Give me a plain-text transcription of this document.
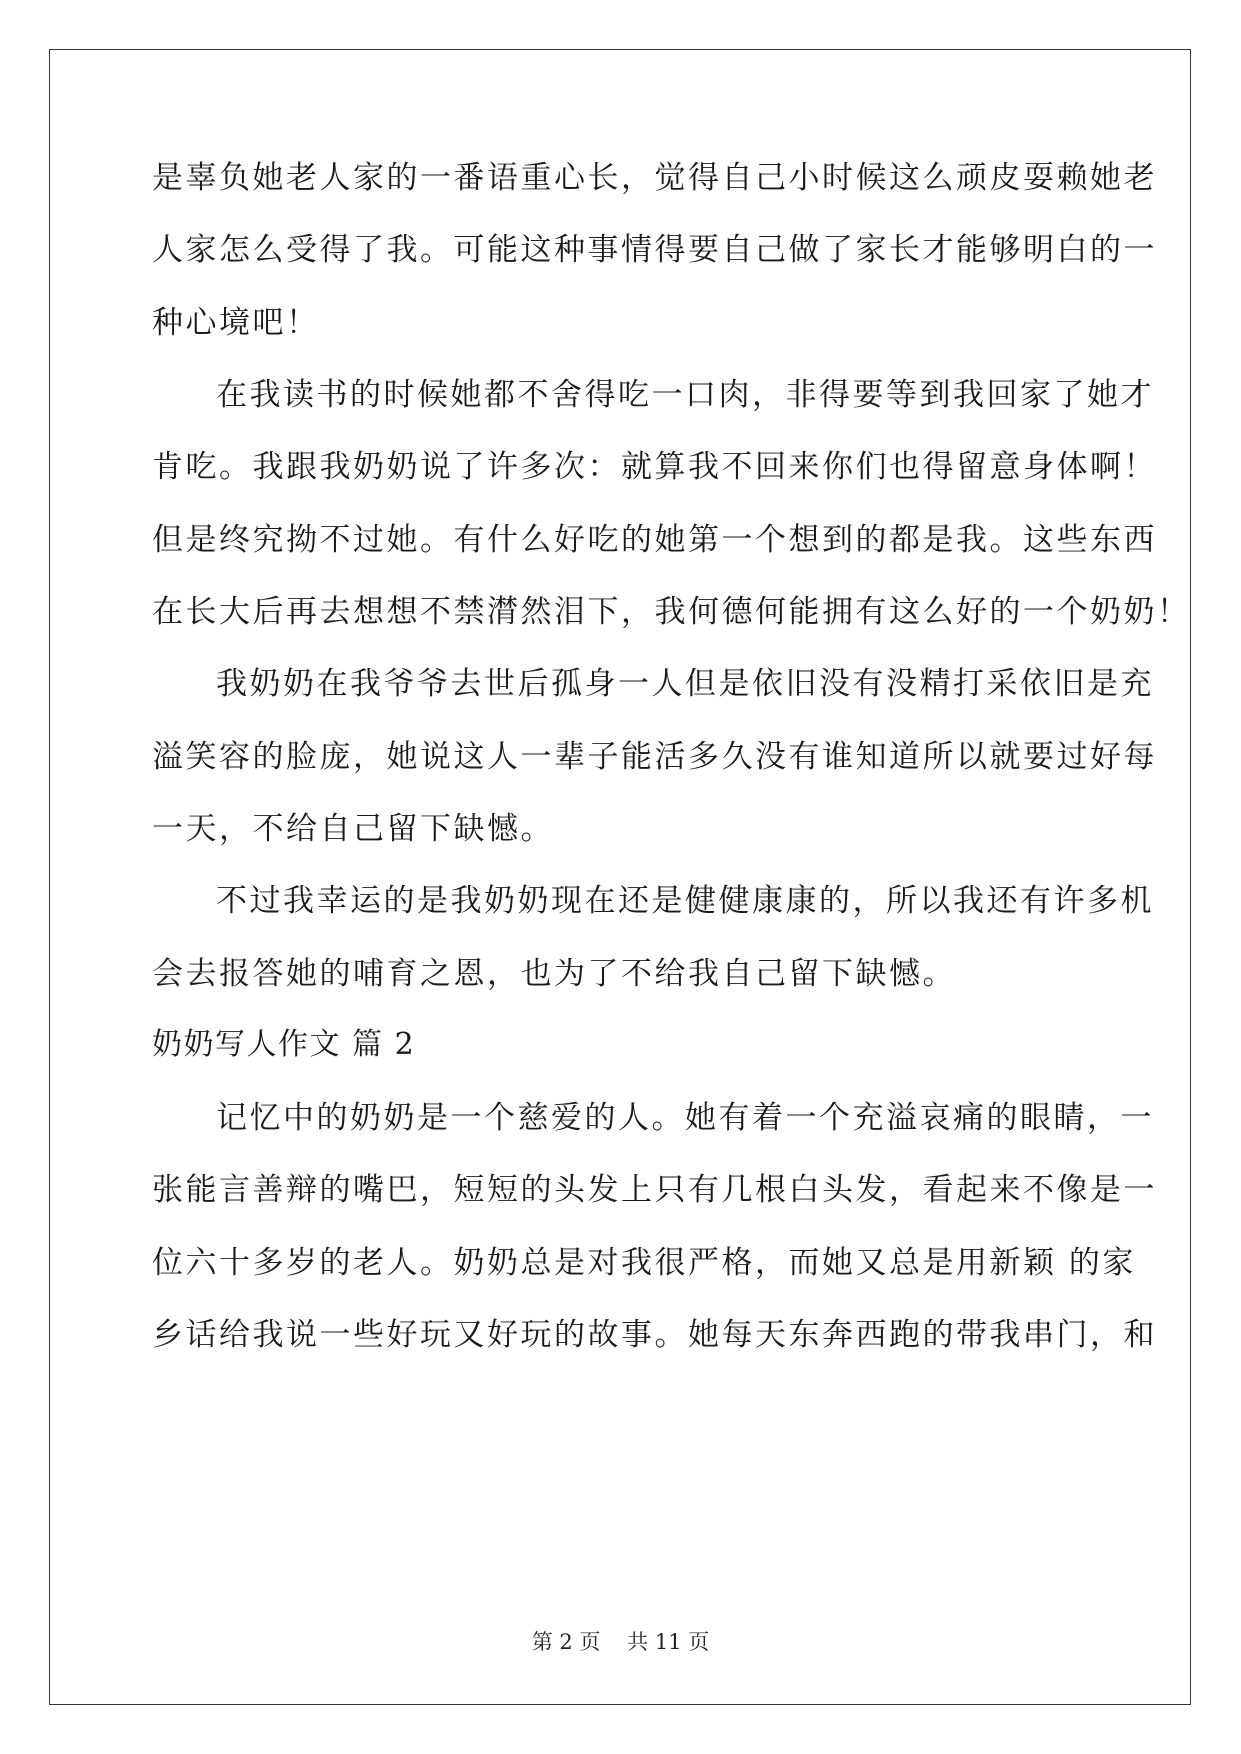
是辜负她老人家的一番语重心长，觉得自己小时候这么顽皮耍赖她老
人家怎么受得了我。可能这种事情得要自己做了家长才能够明白的一
种心境吧！
在我读书的时候她都不舍得吃一口肉，非得要等到我回家了她才
肯吃。我跟我奶奶说了许多次：就算我不回来你们也得留意身体啊！
但是终究拗不过她。有什么好吃的她第一个想到的都是我。这些东西
在长大后再去想想不禁潸然泪下，我何德何能拥有这么好的一个奶奶！
我奶奶在我爷爷去世后孤身一人但是依旧没有没精打采依旧是充
溢笑容的脸庞，她说这人一辈子能活多久没有谁知道所以就要过好每
一天，不给自己留下缺憾。
不过我幸运的是我奶奶现在还是健健康康的，所以我还有许多机
会去报答她的哺育之恩，也为了不给我自己留下缺憾。
奶奶写人作文 篇 2
记忆中的奶奶是一个慈爱的人。她有着一个充溢哀痛的眼睛，一
张能言善辩的嘴巴，短短的头发上只有几根白头发，看起来不像是一
位六十多岁的老人。奶奶总是对我很严格，而她又总是用新颖 的家
乡话给我说一些好玩又好玩的故事。她每天东奔西跑的带我串门，和
第 2 页    共 11 页
